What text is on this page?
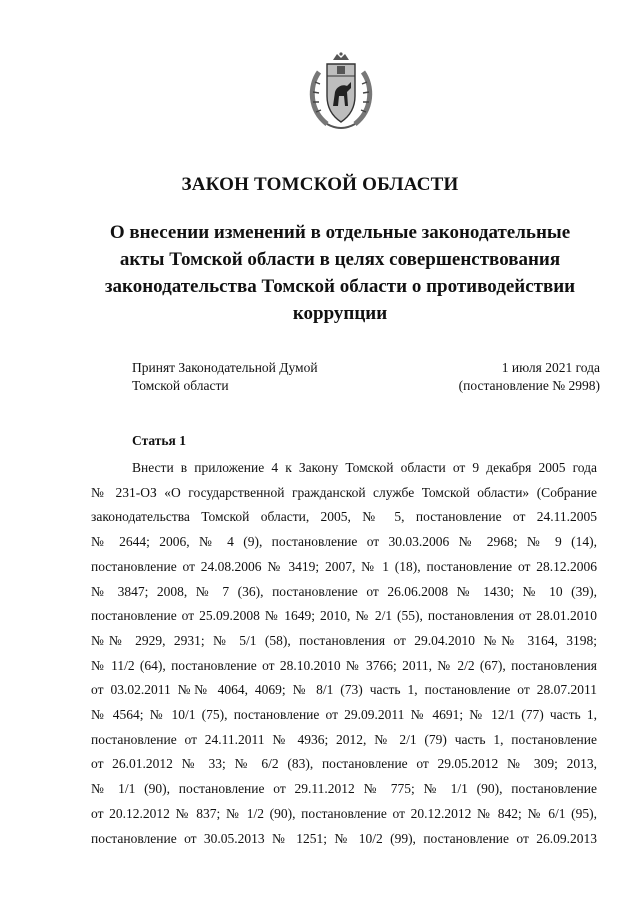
ЗАКОН ТОМСКОЙ ОБЛАСТИ
О внесении изменений в отдельные законодательные
акты Томской области в целях совершенствования
законодательства Томской области о противодействии
коррупции
Принят Законодательной Думой
Томской области
1 июля 2021 года
(постановление № 2998)
Статья 1
Внести в приложение 4 к Закону Томской области от 9 декабря 2005 года
№ 231-ОЗ «О государственной гражданской службе Томской области» (Собрание
законодательства Томской области, 2005, № 5, постановление от 24.11.2005
№ 2644; 2006, № 4 (9), постановление от 30.03.2006 № 2968; № 9 (14),
постановление от 24.08.2006 № 3419; 2007, № 1 (18), постановление от 28.12.2006
№ 3847; 2008, № 7 (36), постановление от 26.06.2008 № 1430; № 10 (39),
постановление от 25.09.2008 № 1649; 2010, № 2/1 (55), постановления от 28.01.2010
№№ 2929, 2931; № 5/1 (58), постановления от 29.04.2010 №№ 3164, 3198;
№ 11/2 (64), постановление от 28.10.2010 № 3766; 2011, № 2/2 (67), постановления
от 03.02.2011 №№ 4064, 4069; № 8/1 (73) часть 1, постановление от 28.07.2011
№ 4564; № 10/1 (75), постановление от 29.09.2011 № 4691; № 12/1 (77) часть 1,
постановление от 24.11.2011 № 4936; 2012, № 2/1 (79) часть 1, постановление
от 26.01.2012 № 33; № 6/2 (83), постановление от 29.05.2012 № 309; 2013,
№ 1/1 (90), постановление от 29.11.2012 № 775; № 1/1 (90), постановление
от 20.12.2012 № 837; № 1/2 (90), постановление от 20.12.2012 № 842; № 6/1 (95),
постановление от 30.05.2013 № 1251; № 10/2 (99), постановление от 26.09.2013
